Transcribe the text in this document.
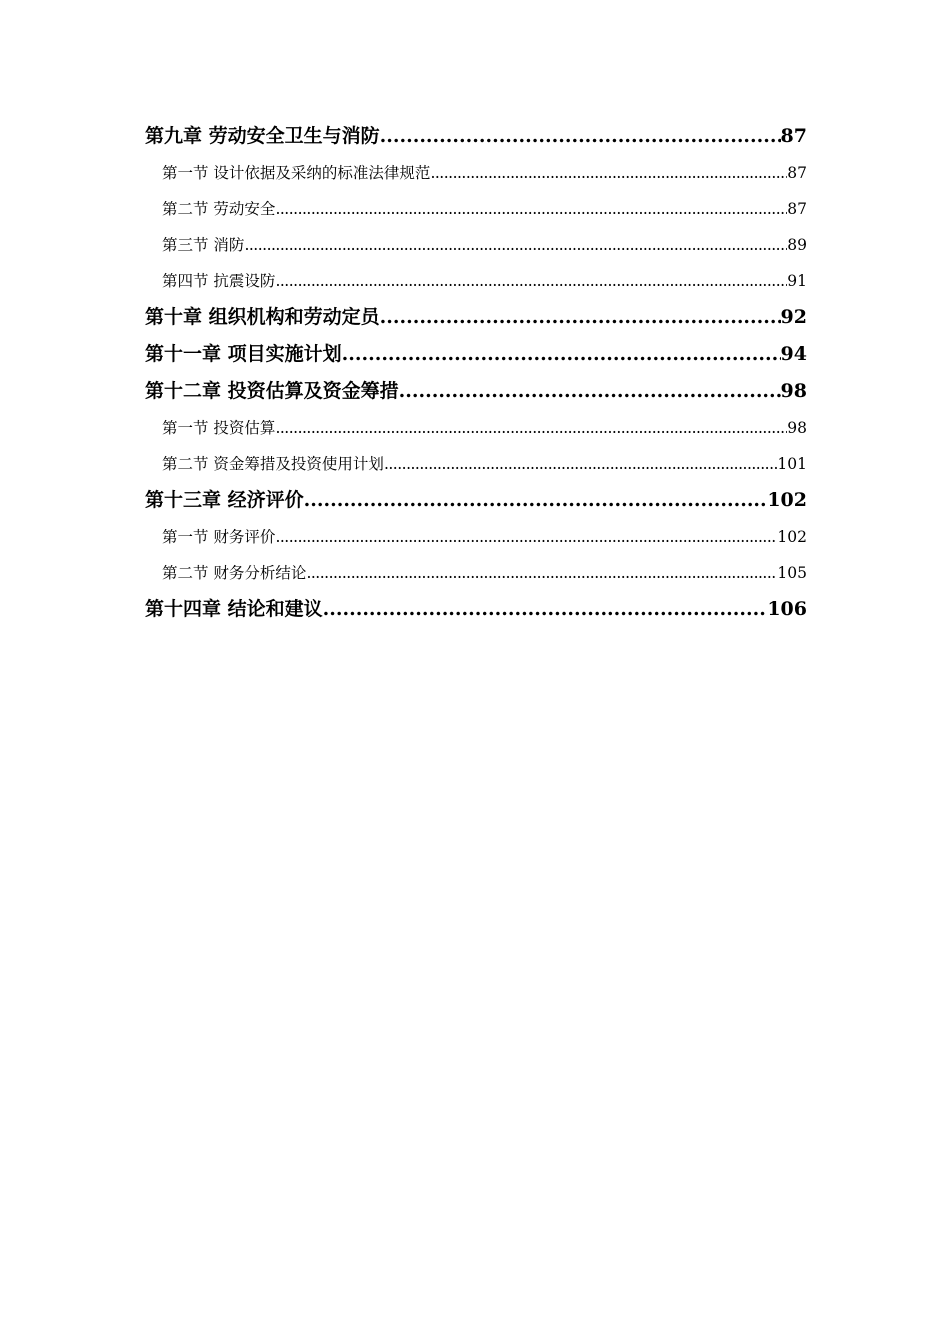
第九章 劳动安全卫生与消防 .....	87
第一节 设计依据及采纳的标准法律规范 .....	87
第二节 劳动安全 .....	87
第三节 消防 .....	89
第四节 抗震设防 .....	91
第十章 组织机构和劳动定员 .....	92
第十一章 项目实施计划 .....	94
第十二章 投资估算及资金筹措 .....	98
第一节 投资估算 .....	98
第二节 资金筹措及投资使用计划 .....	101
第十三章 经济评价 .....	102
第一节 财务评价 .....	102
第二节 财务分析结论 .....	105
第十四章 结论和建议 .....	106
